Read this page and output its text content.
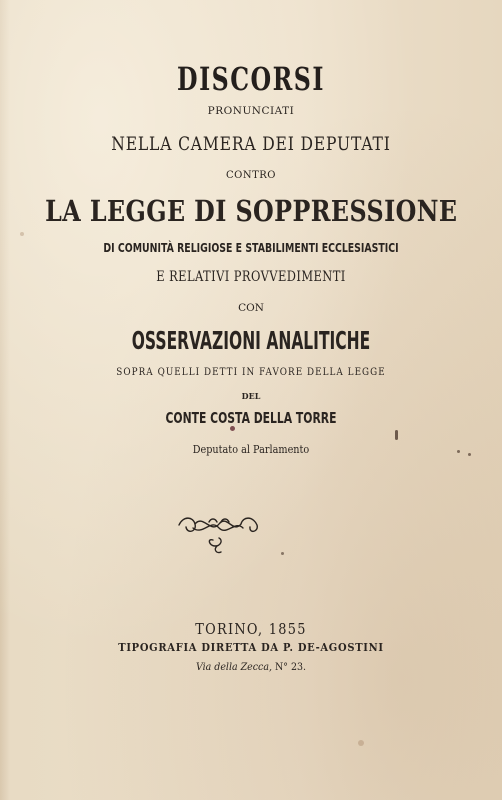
DISCORSI

PRONUNCIATI

NELLA CAMERA DEI DEPUTATI

CONTRO

LA LEGGE DI SOPPRESSIONE

DI COMUNITÀ RELIGIOSE E STABILIMENTI ECCLESIASTICI

E RELATIVI PROVVEDIMENTI

CON

OSSERVAZIONI ANALITICHE

SOPRA QUELLI DETTI IN FAVORE DELLA LEGGE

DEL

CONTE COSTA DELLA TORRE

Deputato al Parlamento

TORINO, 1855

TIPOGRAFIA DIRETTA DA P. DE-AGOSTINI

Via della Zecca, N° 23.
